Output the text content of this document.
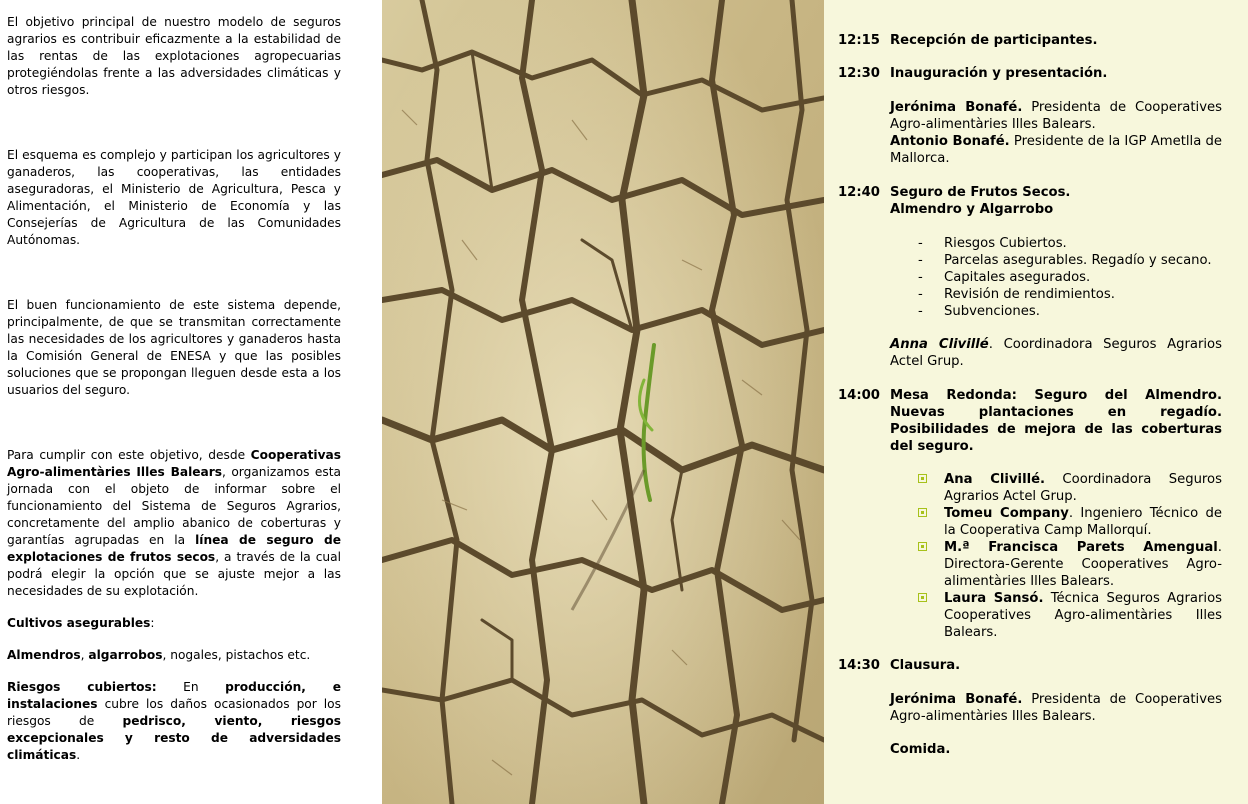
El objetivo principal de nuestro modelo de seguros agrarios es contribuir eficazmente a la estabilidad de las rentas de las explotaciones agropecuarias protegiéndolas frente a las adversidades climáticas y otros riesgos.

El esquema es complejo y participan los agricultores y ganaderos, las cooperativas, las entidades aseguradoras, el Ministerio de Agricultura, Pesca y Alimentación, el Ministerio de Economía y las Consejerías de Agricultura de las Comunidades Autónomas.

El buen funcionamiento de este sistema depende, principalmente, de que se transmitan correctamente las necesidades de los agricultores y ganaderos hasta la Comisión General de ENESA y que las posibles soluciones que se propongan lleguen desde esta a los usuarios del seguro.

Para cumplir con este objetivo, desde Cooperativas Agro-alimentàries Illes Balears, organizamos esta jornada con el objeto de informar sobre el funcionamiento del Sistema de Seguros Agrarios, concretamente del amplio abanico de coberturas y garantías agrupadas en la línea de seguro de explotaciones de frutos secos, a través de la cual podrá elegir la opción que se ajuste mejor a las necesidades de su explotación.

Cultivos asegurables:

Almendros, algarrobos, nogales, pistachos etc.

Riesgos cubiertos: En producción, e instalaciones cubre los daños ocasionados por los riesgos de pedrisco, viento, riesgos excepcionales y resto de adversidades climáticas.

12:15 Recepción de participantes.
12:30 Inauguración y presentación.
Jerónima Bonafé. Presidenta de Cooperatives Agro-alimentàries Illes Balears.
Antonio Bonafé. Presidente de la IGP Ametlla de Mallorca.
12:40 Seguro de Frutos Secos.
Almendro y Algarrobo
-	Riesgos Cubiertos.
-	Parcelas asegurables. Regadío y secano.
-	Capitales asegurados.
-	Revisión de rendimientos.
-	Subvenciones.
Anna Clivillé. Coordinadora Seguros Agrarios Actel Grup.
14:00 Mesa Redonda: Seguro del Almendro. Nuevas plantaciones en regadío. Posibilidades de mejora de las coberturas del seguro.
Ana Clivillé. Coordinadora Seguros Agrarios Actel Grup.
Tomeu Company. Ingeniero Técnico de la Cooperativa Camp Mallorquí.
M.ª Francisca Parets Amengual. Directora-Gerente Cooperatives Agro-alimentàries Illes Balears.
Laura Sansó. Técnica Seguros Agrarios Cooperatives Agro-alimentàries Illes Balears.
14:30 Clausura.
Jerónima Bonafé. Presidenta de Cooperatives Agro-alimentàries Illes Balears.
Comida.
